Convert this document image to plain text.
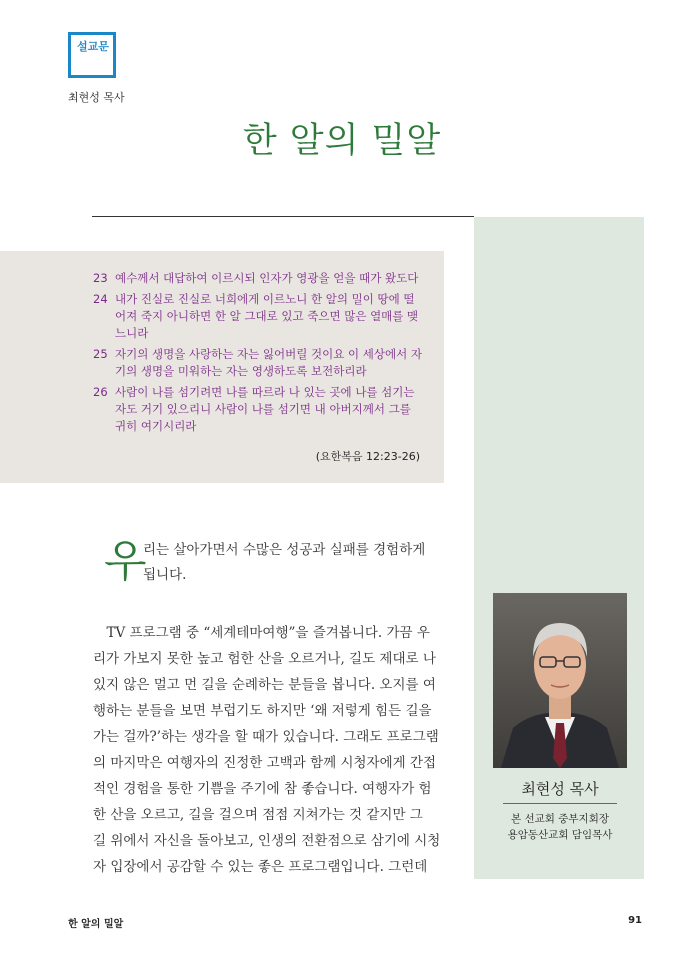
설교문
최현성 목사
한 알의 밀알
23 예수께서 대답하여 이르시되 인자가 영광을 얻을 때가 왔도다
24 내가 진실로 진실로 너희에게 이르노니 한 알의 밀이 땅에 떨어져 죽지 아니하면 한 알 그대로 있고 죽으면 많은 열매를 맺느니라
25 자기의 생명을 사랑하는 자는 잃어버릴 것이요 이 세상에서 자기의 생명을 미워하는 자는 영생하도록 보전하리라
26 사람이 나를 섬기려면 나를 따르라 나 있는 곳에 나를 섬기는 자도 거기 있으리니 사람이 나를 섬기면 내 아버지께서 그를 귀히 여기시리라
(요한복음 12:23-26)
우
리는 살아가면서 수많은 성공과 실패를 경험하게
됩니다.
　TV 프로그램 중 “세계테마여행”을 즐겨봅니다. 가끔 우
리가 가보지 못한 높고 험한 산을 오르거나, 길도 제대로 나
있지 않은 멀고 먼 길을 순례하는 분들을 봅니다. 오지를 여
행하는 분들을 보면 부럽기도 하지만 ‘왜 저렇게 힘든 길을
가는 걸까?’하는 생각을 할 때가 있습니다. 그래도 프로그램
의 마지막은 여행자의 진정한 고백과 함께 시청자에게 간접
적인 경험을 통한 기쁨을 주기에 참 좋습니다. 여행자가 험
한 산을 오르고, 길을 걸으며 점점 지쳐가는 것 같지만 그
길 위에서 자신을 돌아보고, 인생의 전환점으로 삼기에 시청
자 입장에서 공감할 수 있는 좋은 프로그램입니다. 그런데
최현성 목사
본 선교회 중부지회장
용암동산교회 담임목사
한 알의 밀알	91
